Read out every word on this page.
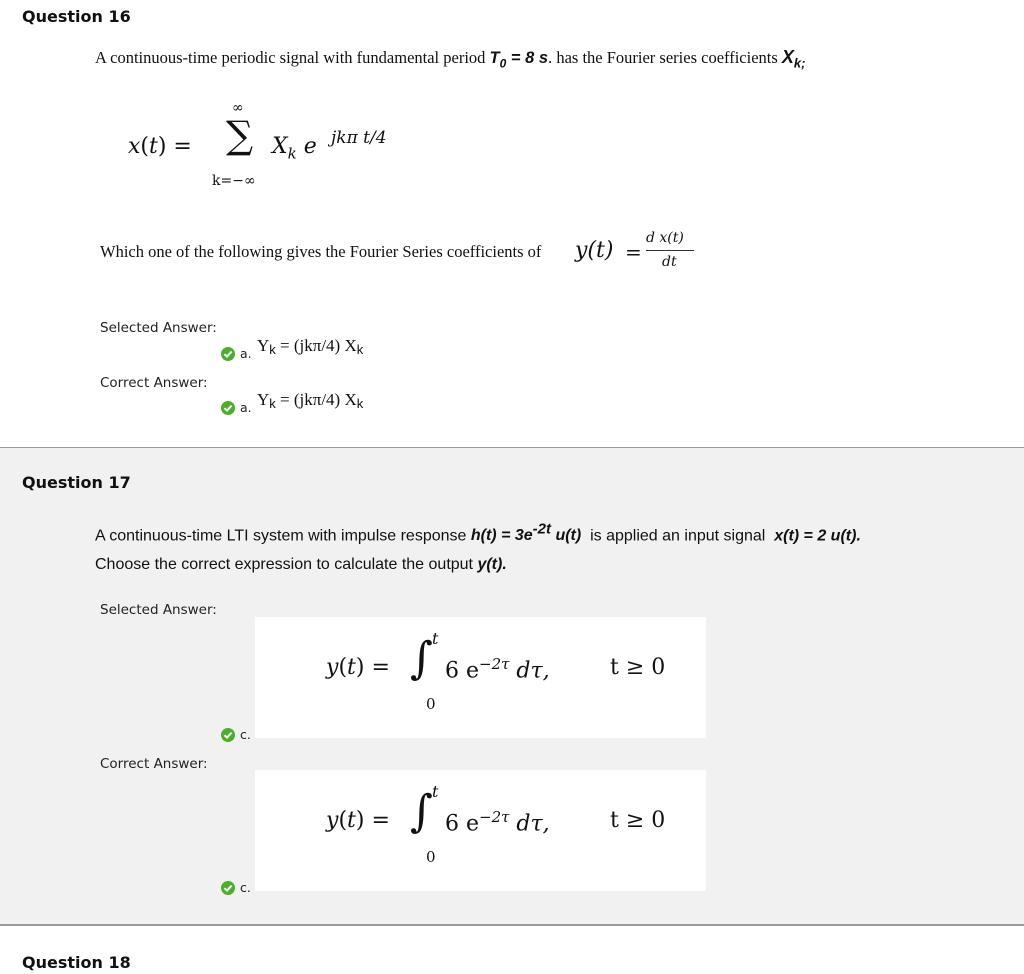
Question 16
A continuous-time periodic signal with fundamental period $T_0 = 8$ s. has the Fourier series coefficients $X_{k;}$
x(t) =
∞
∑
k=−∞
$X_k$ e jkπ t/4
Which one of the following gives the Fourier Series coefficients of y(t) =
d x(t)
dt
Selected Answer:
a. $Y_k = (jk\pi/4)$ $X_k$
Correct Answer:
a. $Y_k = (jk\pi/4)$ $X_k$
Question 17
A continuous-time LTI system with impulse response $h(t) = 3e^{-2t}$ u(t)  is applied an input signal  x(t) = 2 u(t).
Choose the correct expression to calculate the output y(t).
Selected Answer:
y(t) = ∫ t
0
6 $e^{-2\tau}$ dτ,	t ≥ 0
c.
Correct Answer:
y(t) = ∫ t
0
6 $e^{-2\tau}$ dτ,	t ≥ 0
c.
Question 18
